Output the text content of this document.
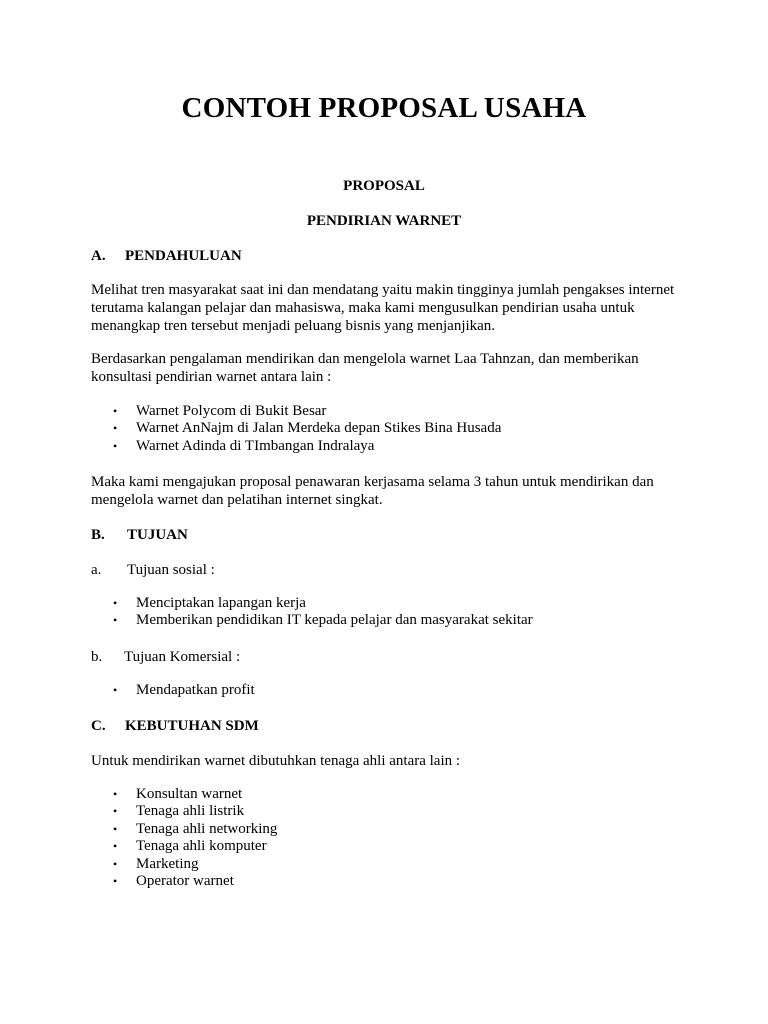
CONTOH PROPOSAL USAHA
PROPOSAL
PENDIRIAN WARNET
A. PENDAHULUAN

Melihat tren masyarakat saat ini dan mendatang yaitu makin tingginya jumlah pengakses internet
terutama kalangan pelajar dan mahasiswa, maka kami mengusulkan pendirian usaha untuk
menangkap tren tersebut menjadi peluang bisnis yang menjanjikan.

Berdasarkan pengalaman mendirikan dan mengelola warnet Laa Tahnzan, dan memberikan
konsultasi pendirian warnet antara lain :

• Warnet Polycom di Bukit Besar
• Warnet AnNajm di Jalan Merdeka depan Stikes Bina Husada
• Warnet Adinda di TImbangan Indralaya

Maka kami mengajukan proposal penawaran kerjasama selama 3 tahun untuk mendirikan dan
mengelola warnet dan pelatihan internet singkat.

B. TUJUAN
a. Tujuan sosial :
• Menciptakan lapangan kerja
• Memberikan pendidikan IT kepada pelajar dan masyarakat sekitar
b. Tujuan Komersial :
• Mendapatkan profit
C. KEBUTUHAN SDM

Untuk mendirikan warnet dibutuhkan tenaga ahli antara lain :

• Konsultan warnet
• Tenaga ahli listrik
• Tenaga ahli networking
• Tenaga ahli komputer
• Marketing
• Operator warnet
